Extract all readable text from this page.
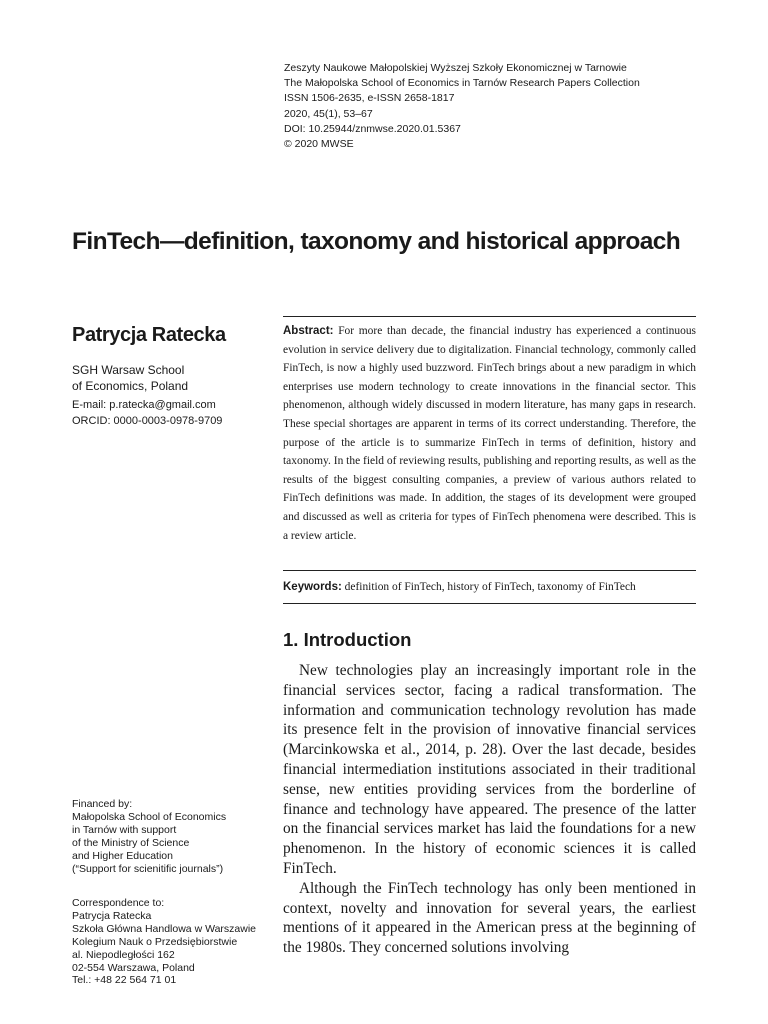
Zeszyty Naukowe Małopolskiej Wyższej Szkoły Ekonomicznej w Tarnowie
The Małopolska School of Economics in Tarnów Research Papers Collection
ISSN 1506-2635, e-ISSN 2658-1817
2020, 45(1), 53–67
DOI: 10.25944/znmwse.2020.01.5367
© 2020 MWSE
FinTech—definition, taxonomy and historical approach
Patrycja Ratecka
SGH Warsaw School
of Economics, Poland
E-mail: p.ratecka@gmail.com
ORCID: 0000-0003-0978-9709

Abstract: For more than decade, the financial industry has experienced a continuous evolution in service delivery due to digitalization. Financial technology, commonly called FinTech, is now a highly used buzzword. FinTech brings about a new paradigm in which enterprises use modern technology to create innovations in the financial sector. This phenomenon, although widely discussed in modern literature, has many gaps in research. These special shortages are apparent in terms of its correct understanding. Therefore, the purpose of the article is to summarize FinTech in terms of definition, history and taxonomy. In the field of reviewing results, publishing and reporting results, as well as the results of the biggest consulting companies, a preview of various authors related to FinTech definitions was made. In addition, the stages of its development were grouped and discussed as well as criteria for types of FinTech phenomena were described. This is a review article.

Keywords: definition of FinTech, history of FinTech, taxonomy of FinTech

1. Introduction

New technologies play an increasingly important role in the financial services sector, facing a radical transformation. The information and communication technology revolution has made its presence felt in the provision of innovative financial services (Marcinkowska et al., 2014, p. 28). Over the last decade, besides financial intermediation institutions associated in their traditional sense, new entities providing services from the borderline of finance and technology have appeared. The presence of the latter on the financial services market has laid the foundations for a new phenomenon. In the history of economic sciences it is called FinTech.

Although the FinTech technology has only been mentioned in context, novelty and innovation for several years, the earliest mentions of it appeared in the American press at the beginning of the 1980s. They concerned solutions involving

Financed by:
Małopolska School of Economics
in Tarnów with support
of the Ministry of Science
and Higher Education
(“Support for scienitific journals”)
Correspondence to:
Patrycja Ratecka
Szkoła Główna Handlowa w Warszawie
Kolegium Nauk o Przedsiębiorstwie
al. Niepodległości 162
02-554 Warszawa, Poland
Tel.: +48 22 564 71 01
